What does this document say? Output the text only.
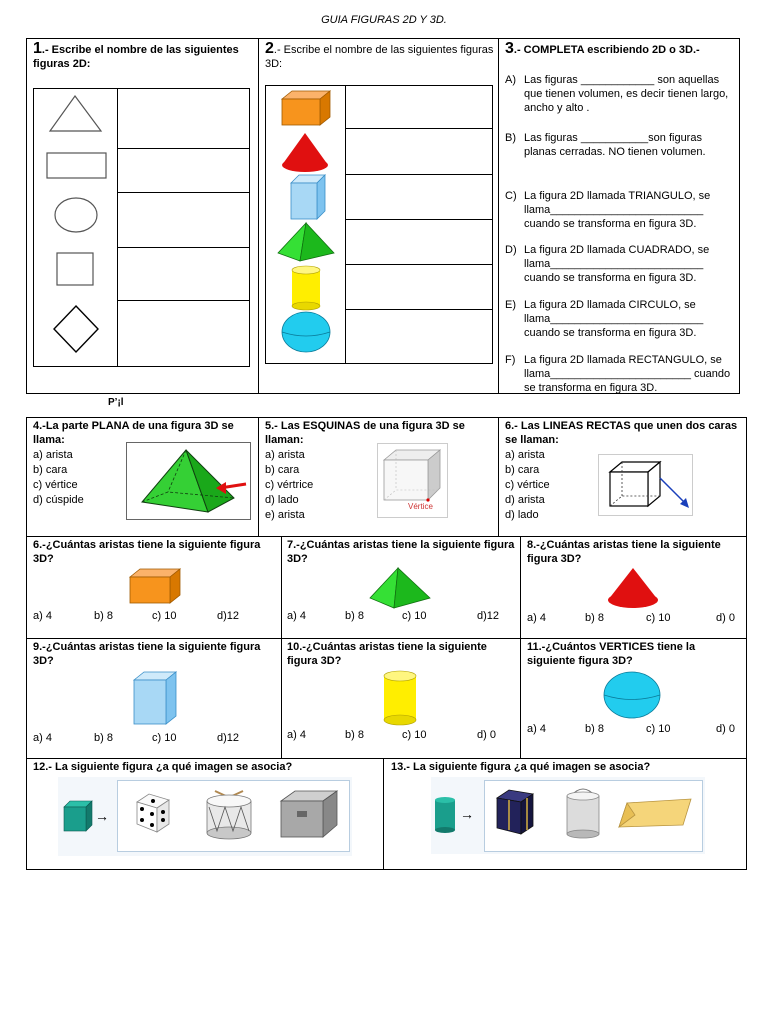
GUIA FIGURAS 2D Y 3D.
1.- Escribe el nombre de las siguientes figuras 2D:
2.- Escribe el nombre de las siguientes figuras 3D:
3.- COMPLETA escribiendo 2D o 3D.-
A) Las figuras ____________ son aquellas que tienen volumen, es decir tienen largo, ancho y alto .
B) Las figuras ___________son figuras planas cerradas. NO tienen volumen.
C) La figura 2D llamada TRIANGULO, se llama_________________________ cuando se transforma en figura 3D.
D) La figura 2D llamada CUADRADO, se llama_________________________ cuando se transforma en figura 3D.
E) La figura 2D llamada CIRCULO, se llama_________________________ cuando se transforma en figura 3D.
F) La figura 2D llamada RECTANGULO, se llama_______________________ cuando se transforma en figura 3D.
P’¡l
4.-La parte PLANA de una figura 3D se llama:
a) arista
b) cara
c) vértice
d) cúspide
5.- Las ESQUINAS de una figura 3D se llaman:
a) arista
b) cara
c) vértrice
d) lado
e) arista
Vértice
6.- Las LINEAS RECTAS que unen dos caras se llaman:
a) arista
b) cara
c) vértice
d) arista
d) lado
6.-¿Cuántas aristas tiene la siguiente figura 3D?
a) 4	b) 8	c) 10	d)12
7.-¿Cuántas aristas tiene la siguiente figura 3D?
a) 4	b) 8	c) 10	d)12
8.-¿Cuántas aristas tiene la siguiente figura 3D?
a) 4	b) 8	c) 10	d) 0
9.-¿Cuántas aristas tiene la siguiente figura 3D?
a) 4	b) 8	c) 10	d)12
10.-¿Cuántas aristas tiene la siguiente figura 3D?
a) 4	b) 8	c) 10	d) 0
11.-¿Cuántos VERTICES tiene la siguiente figura 3D?
a) 4	b) 8	c) 10	d) 0
12.- La siguiente figura ¿a qué imagen se asocia?
→
13.- La siguiente figura ¿a qué imagen se asocia?
→
